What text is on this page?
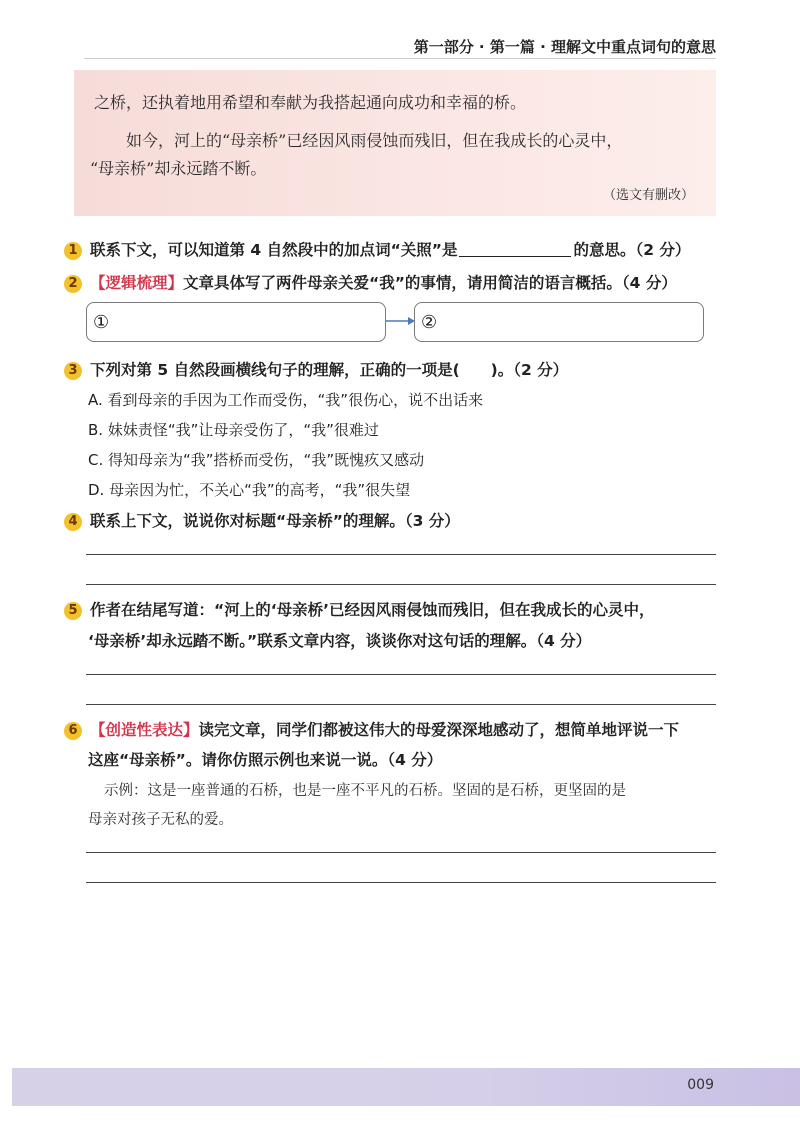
第一部分 · 第一篇 · 理解文中重点词句的意思
之桥，还执着地用希望和奉献为我搭起通向成功和幸福的桥。
如今，河上的“母亲桥”已经因风雨侵蚀而残旧，但在我成长的心灵中，
“母亲桥”却永远踏不断。
（选文有删改）
1 联系下文，可以知道第 4 自然段中的加点词“关照”是	的意思。（2 分）
2 【逻辑梳理】文章具体写了两件母亲关爱“我”的事情，请用简洁的语言概括。（4 分）
①	②
3 下列对第 5 自然段画横线句子的理解，正确的一项是(　　)。（2 分）
A. 看到母亲的手因为工作而受伤，“我”很伤心，说不出话来
B. 妹妹责怪“我”让母亲受伤了，“我”很难过
C. 得知母亲为“我”搭桥而受伤，“我”既愧疚又感动
D. 母亲因为忙，不关心“我”的高考，“我”很失望
4 联系上下文，说说你对标题“母亲桥”的理解。（3 分）
5 作者在结尾写道：“河上的‘母亲桥’已经因风雨侵蚀而残旧，但在我成长的心灵中，
‘母亲桥’却永远踏不断。”联系文章内容，谈谈你对这句话的理解。（4 分）
6 【创造性表达】读完文章，同学们都被这伟大的母爱深深地感动了，想简单地评说一下
这座“母亲桥”。请你仿照示例也来说一说。（4 分）
示例：这是一座普通的石桥，也是一座不平凡的石桥。坚固的是石桥，更坚固的是
母亲对孩子无私的爱。
009
